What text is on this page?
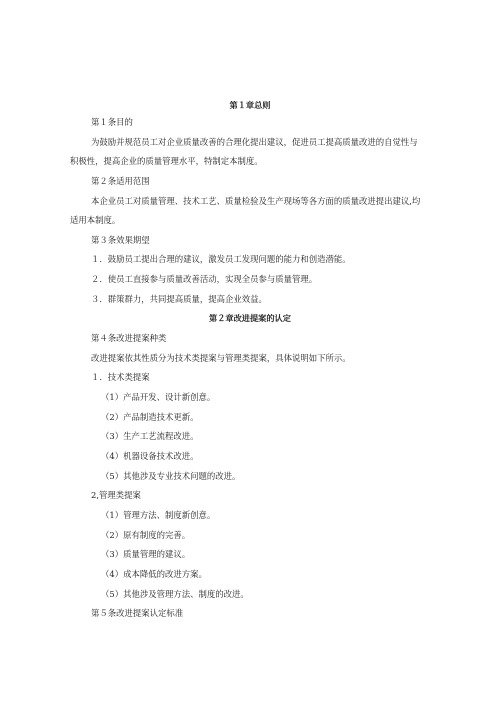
第１章总则
第１条目的
为鼓励并规范员工对企业质量改善的合理化提出建议，促进员工提高质量改进的自觉性与
积极性，提高企业的质量管理水平，特制定本制度。
第２条适用范围
本企业员工对质量管理、技术工艺、质量检验及生产现场等各方面的质量改进提出建议,均
适用本制度。
第３条效果期望
１．鼓励员工提出合理的建议，激发员工发现问题的能力和创造潜能。
２．使员工直接参与质量改善活动，实现全员参与质量管理。
３．群策群力，共同提高质量，提高企业效益。
第２章改进提案的认定
第４条改进提案种类
改进提案依其性质分为技术类提案与管理类提案，具体说明如下所示。
１．技术类提案
（1）产品开发、设计新创意。
（2）产品制造技术更新。
（3）生产工艺流程改进。
（4）机器设备技术改进。
（5）其他涉及专业技术问题的改进。
2,管理类提案
（1）管理方法、制度新创意。
（2）原有制度的完善。
（3）质量管理的建议。
（4）成本降低的改进方案。
（5）其他涉及管理方法、制度的改进。
第５条改进提案认定标准
